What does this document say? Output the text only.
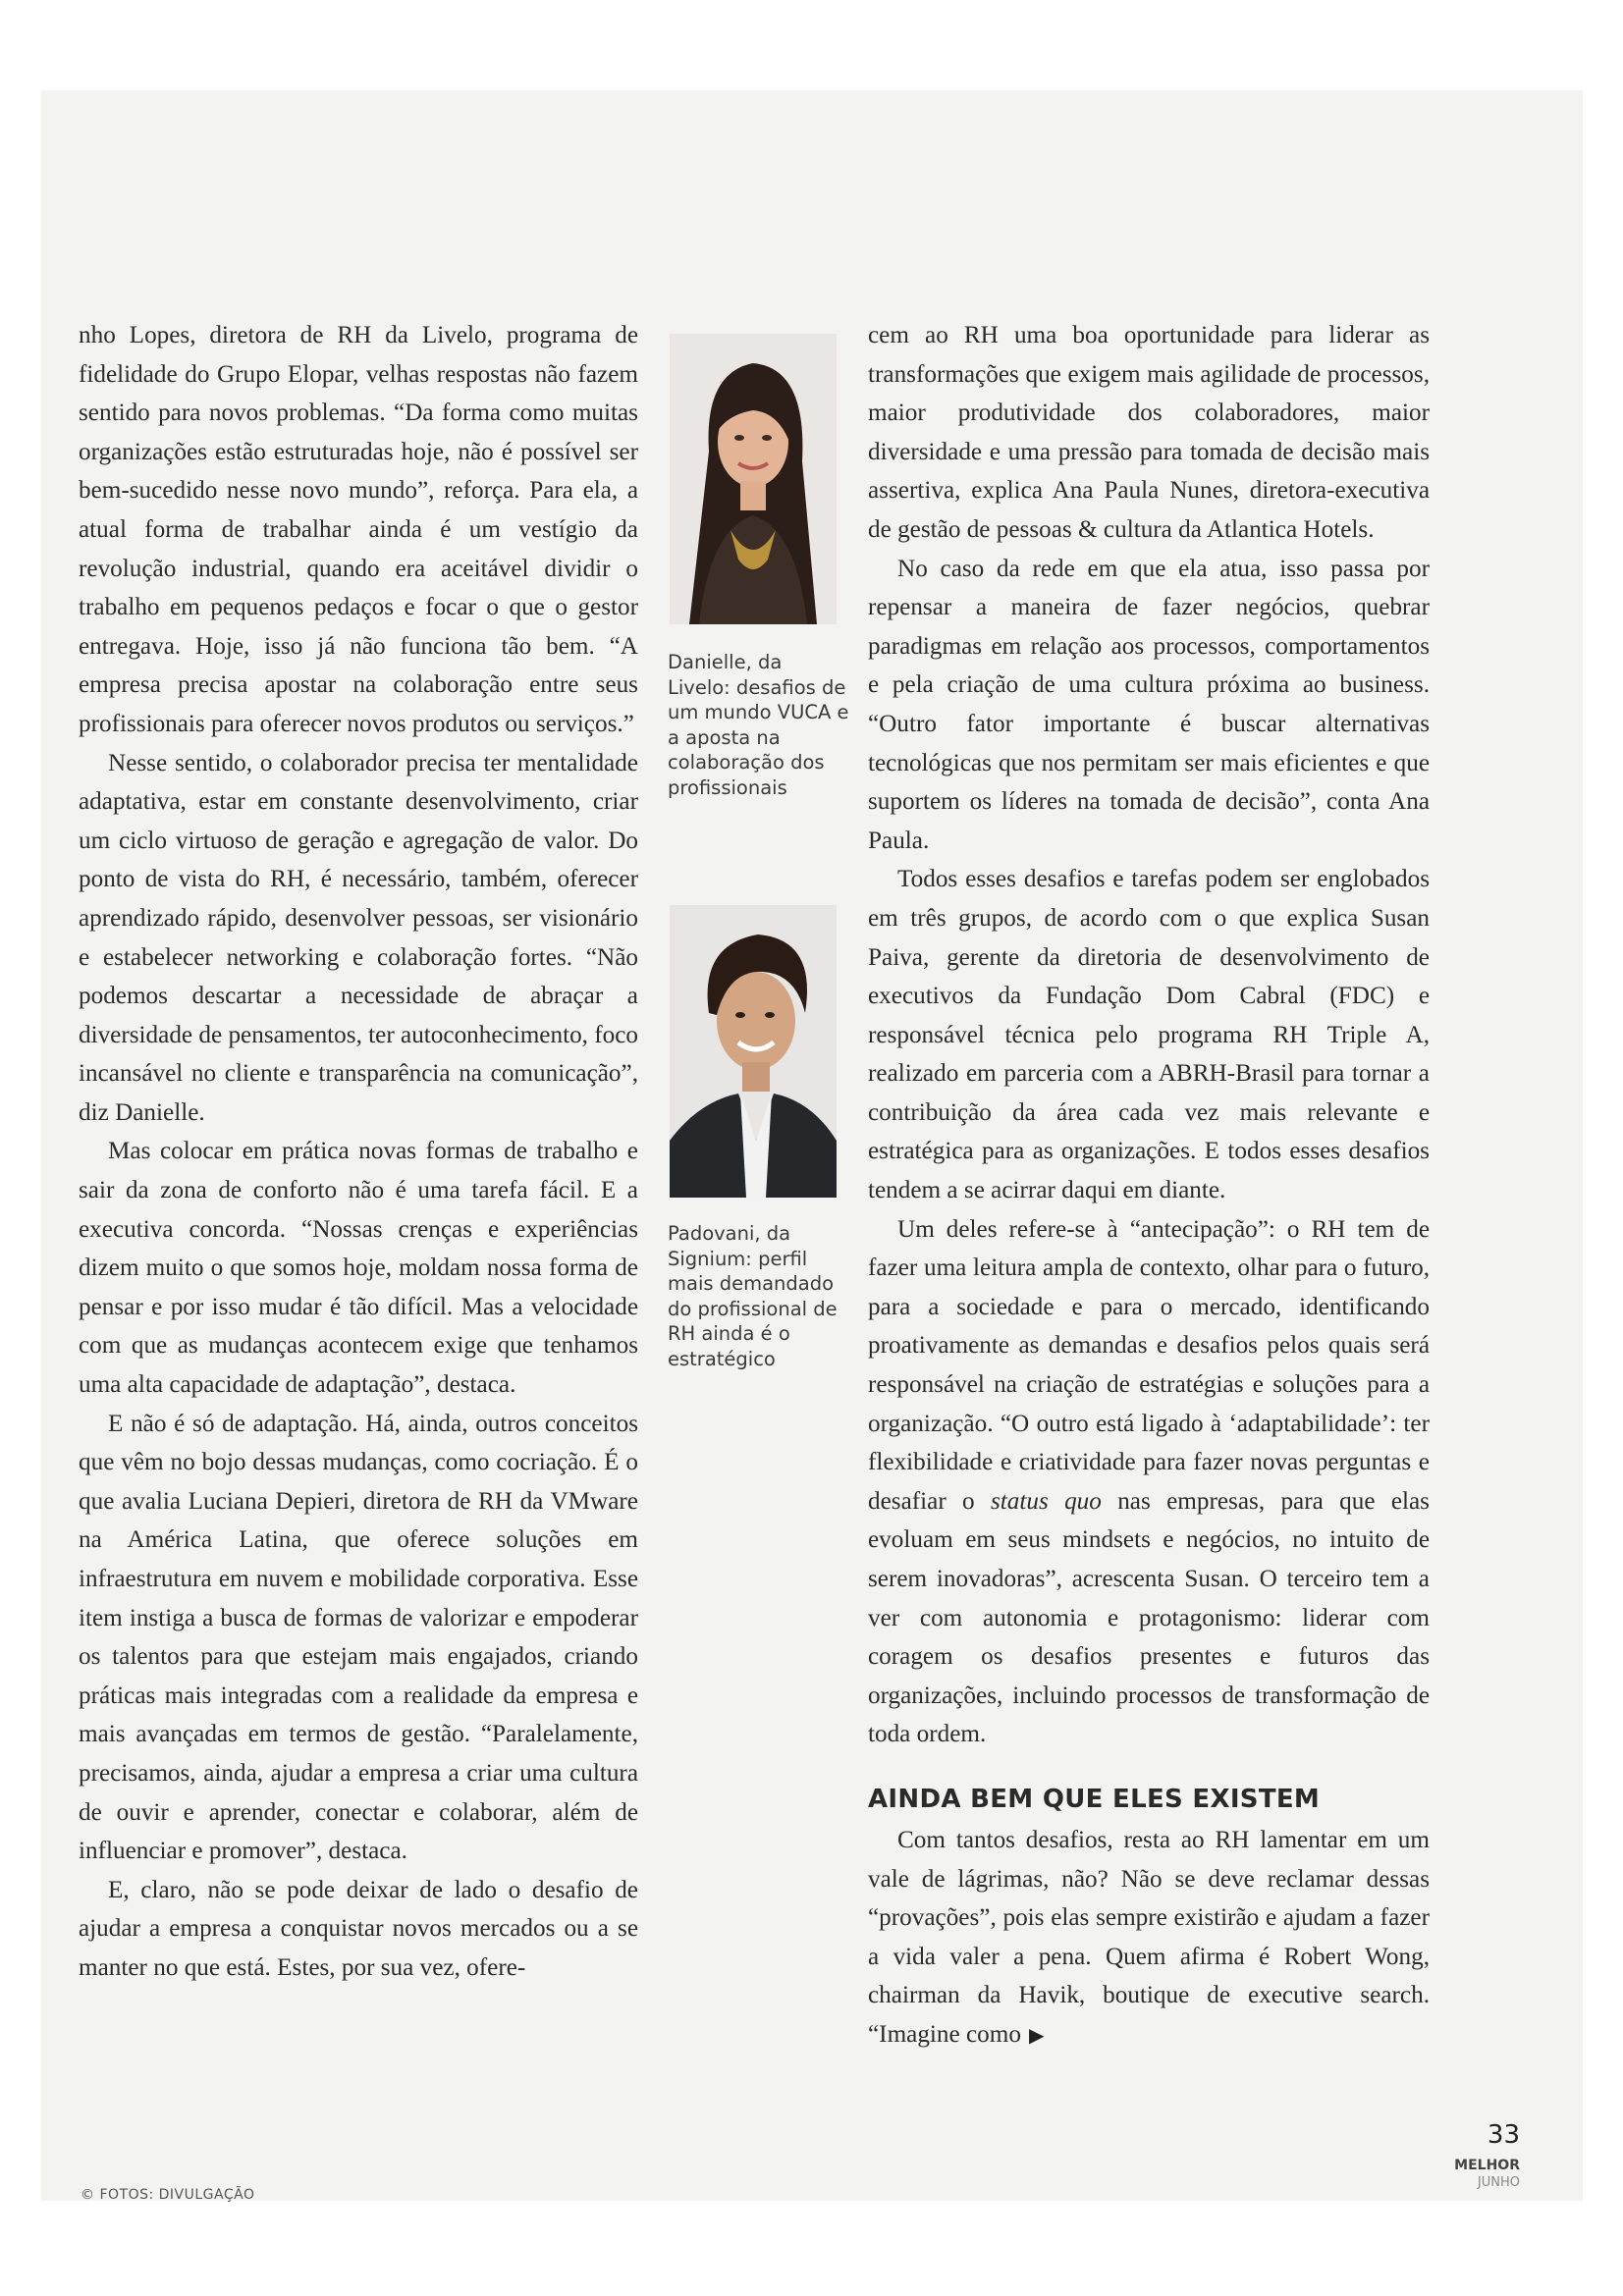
nho Lopes, diretora de RH da Livelo, programa de fidelidade do Grupo Elopar, velhas respostas não fazem sentido para novos problemas. “Da forma como muitas organizações estão estruturadas hoje, não é possível ser bem-sucedido nesse novo mundo”, reforça. Para ela, a atual forma de trabalhar ainda é um vestígio da revolução industrial, quando era aceitável dividir o trabalho em pequenos pedaços e focar o que o gestor entregava. Hoje, isso já não funciona tão bem. “A empresa precisa apostar na colaboração entre seus profissionais para oferecer novos produtos ou serviços.”

Nesse sentido, o colaborador precisa ter mentalidade adaptativa, estar em constante desenvolvimento, criar um ciclo virtuoso de geração e agregação de valor. Do ponto de vista do RH, é necessário, também, oferecer aprendizado rápido, desenvolver pessoas, ser visionário e estabelecer networking e colaboração fortes. “Não podemos descartar a necessidade de abraçar a diversidade de pensamentos, ter autoconhecimento, foco incansável no cliente e transparência na comunicação”, diz Danielle.

Mas colocar em prática novas formas de trabalho e sair da zona de conforto não é uma tarefa fácil. E a executiva concorda. “Nossas crenças e experiências dizem muito o que somos hoje, moldam nossa forma de pensar e por isso mudar é tão difícil. Mas a velocidade com que as mudanças acontecem exige que tenhamos uma alta capacidade de adaptação”, destaca.

E não é só de adaptação. Há, ainda, outros conceitos que vêm no bojo dessas mudanças, como cocriação. É o que avalia Luciana Depieri, diretora de RH da VMware na América Latina, que oferece soluções em infraestrutura em nuvem e mobilidade corporativa. Esse item instiga a busca de formas de valorizar e empoderar os talentos para que estejam mais engajados, criando práticas mais integradas com a realidade da empresa e mais avançadas em termos de gestão. “Paralelamente, precisamos, ainda, ajudar a empresa a criar uma cultura de ouvir e aprender, conectar e colaborar, além de influenciar e promover”, destaca.

E, claro, não se pode deixar de lado o desafio de ajudar a empresa a conquistar novos mercados ou a se manter no que está. Estes, por sua vez, ofere-

Danielle, da Livelo: desafios de um mundo VUCA e a aposta na colaboração dos profissionais
Padovani, da Signium: perfil mais demandado do profissional de RH ainda é o estratégico

cem ao RH uma boa oportunidade para liderar as transformações que exigem mais agilidade de processos, maior produtividade dos colaboradores, maior diversidade e uma pressão para tomada de decisão mais assertiva, explica Ana Paula Nunes, diretora-executiva de gestão de pessoas & cultura da Atlantica Hotels.

No caso da rede em que ela atua, isso passa por repensar a maneira de fazer negócios, quebrar paradigmas em relação aos processos, comportamentos e pela criação de uma cultura próxima ao business. “Outro fator importante é buscar alternativas tecnológicas que nos permitam ser mais eficientes e que suportem os líderes na tomada de decisão”, conta Ana Paula.

Todos esses desafios e tarefas podem ser englobados em três grupos, de acordo com o que explica Susan Paiva, gerente da diretoria de desenvolvimento de executivos da Fundação Dom Cabral (FDC) e responsável técnica pelo programa RH Triple A, realizado em parceria com a ABRH-Brasil para tornar a contribuição da área cada vez mais relevante e estratégica para as organizações. E todos esses desafios tendem a se acirrar daqui em diante.

Um deles refere-se à “antecipação”: o RH tem de fazer uma leitura ampla de contexto, olhar para o futuro, para a sociedade e para o mercado, identificando proativamente as demandas e desafios pelos quais será responsável na criação de estratégias e soluções para a organização. “O outro está ligado à ‘adaptabilidade’: ter flexibilidade e criatividade para fazer novas perguntas e desafiar o status quo nas empresas, para que elas evoluam em seus mindsets e negócios, no intuito de serem inovadoras”, acrescenta Susan. O terceiro tem a ver com autonomia e protagonismo: liderar com coragem os desafios presentes e futuros das organizações, incluindo processos de transformação de toda ordem.

AINDA BEM QUE ELES EXISTEM

Com tantos desafios, resta ao RH lamentar em um vale de lágrimas, não? Não se deve reclamar dessas “provações”, pois elas sempre existirão e ajudam a fazer a vida valer a pena. Quem afirma é Robert Wong, chairman da Havik, boutique de executive search. “Imagine como ▶

© FOTOS: DIVULGAÇÃO
33
MELHOR
JUNHO
